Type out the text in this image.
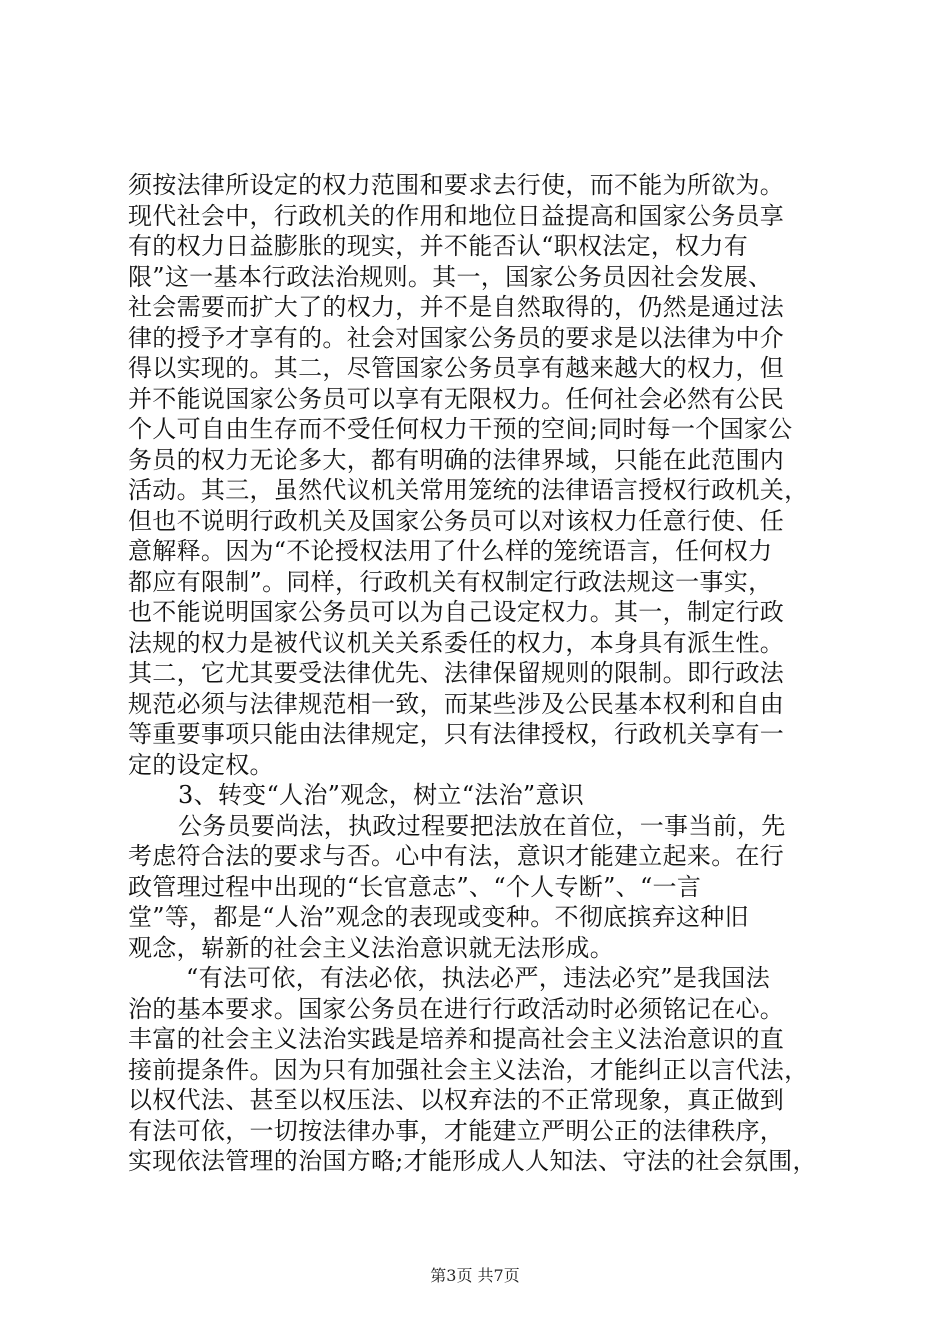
须按法律所设定的权力范围和要求去行使，而不能为所欲为。
现代社会中，行政机关的作用和地位日益提高和国家公务员享
有的权力日益膨胀的现实，并不能否认“职权法定，权力有
限”这一基本行政法治规则。其一，国家公务员因社会发展、
社会需要而扩大了的权力，并不是自然取得的，仍然是通过法
律的授予才享有的。社会对国家公务员的要求是以法律为中介
得以实现的。其二，尽管国家公务员享有越来越大的权力，但
并不能说国家公务员可以享有无限权力。任何社会必然有公民
个人可自由生存而不受任何权力干预的空间;同时每一个国家公
务员的权力无论多大，都有明确的法律界域，只能在此范围内
活动。其三，虽然代议机关常用笼统的法律语言授权行政机关，
但也不说明行政机关及国家公务员可以对该权力任意行使、任
意解释。因为“不论授权法用了什么样的笼统语言，任何权力
都应有限制”。同样，行政机关有权制定行政法规这一事实，
也不能说明国家公务员可以为自己设定权力。其一，制定行政
法规的权力是被代议机关关系委任的权力，本身具有派生性。
其二，它尤其要受法律优先、法律保留规则的限制。即行政法
规范必须与法律规范相一致，而某些涉及公民基本权利和自由
等重要事项只能由法律规定，只有法律授权，行政机关享有一
定的设定权。
3、转变“人治”观念，树立“法治”意识
公务员要尚法，执政过程要把法放在首位，一事当前，先
考虑符合法的要求与否。心中有法，意识才能建立起来。在行
政管理过程中出现的“长官意志”、“个人专断”、“一言
堂”等，都是“人治”观念的表现或变种。不彻底摈弃这种旧
观念，崭新的社会主义法治意识就无法形成。
“有法可依，有法必依，执法必严，违法必究”是我国法
治的基本要求。国家公务员在进行行政活动时必须铭记在心。
丰富的社会主义法治实践是培养和提高社会主义法治意识的直
接前提条件。因为只有加强社会主义法治，才能纠正以言代法，
以权代法、甚至以权压法、以权弃法的不正常现象，真正做到
有法可依，一切按法律办事，才能建立严明公正的法律秩序，
实现依法管理的治国方略;才能形成人人知法、守法的社会氛围，
第3页 共7页
